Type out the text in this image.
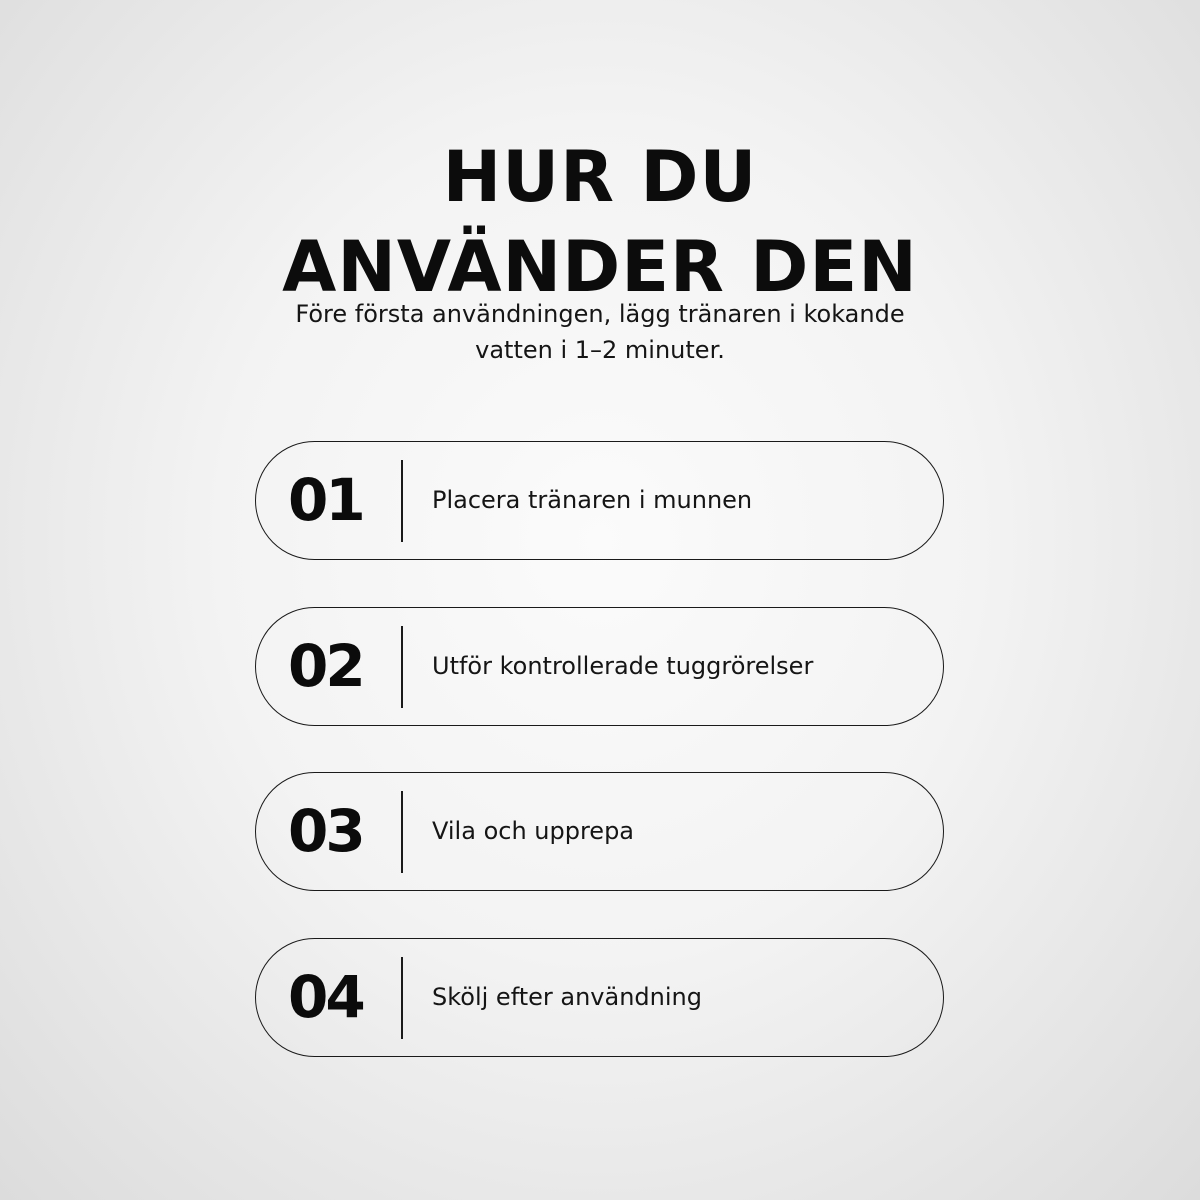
HUR DU
ANVÄNDER DEN

Före första användningen, lägg tränaren i kokande
vatten i 1–2 minuter.

01	Placera tränaren i munnen
02	Utför kontrollerade tuggrörelser
03	Vila och upprepa
04	Skölj efter användning
